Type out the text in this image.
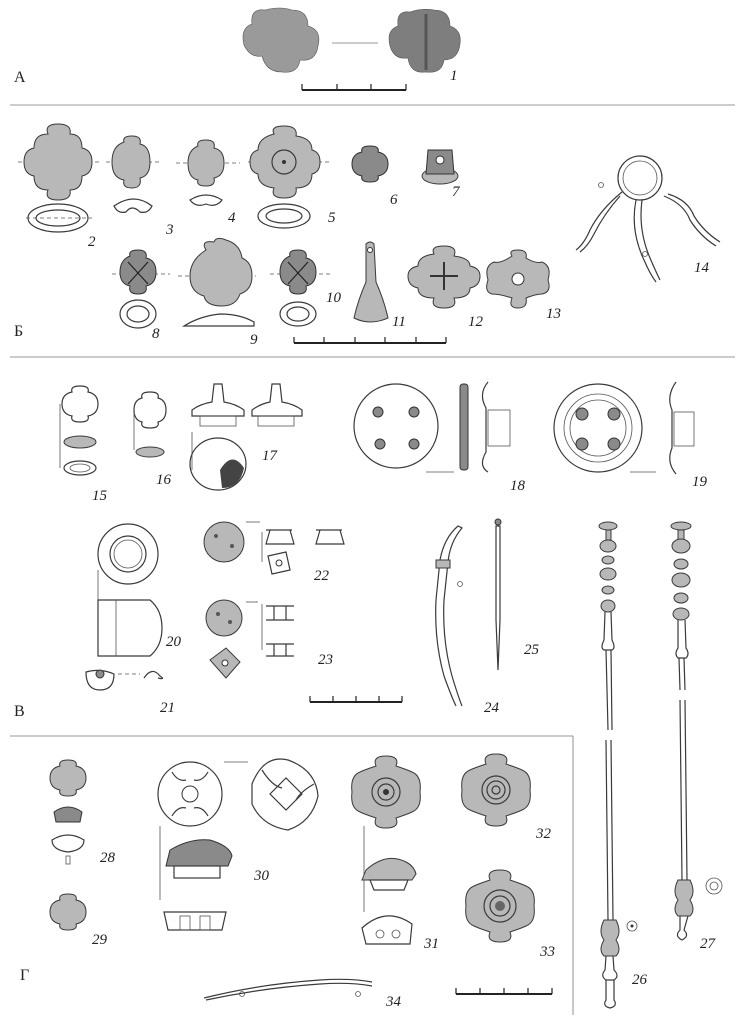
А	1
Б
2
3
4	5
6	7
14
8	9
10
11	12	13
В
15
16
17
18	19
20
21
22
23
24
25
26
27
Г
28
29
30
31
32
33
34
